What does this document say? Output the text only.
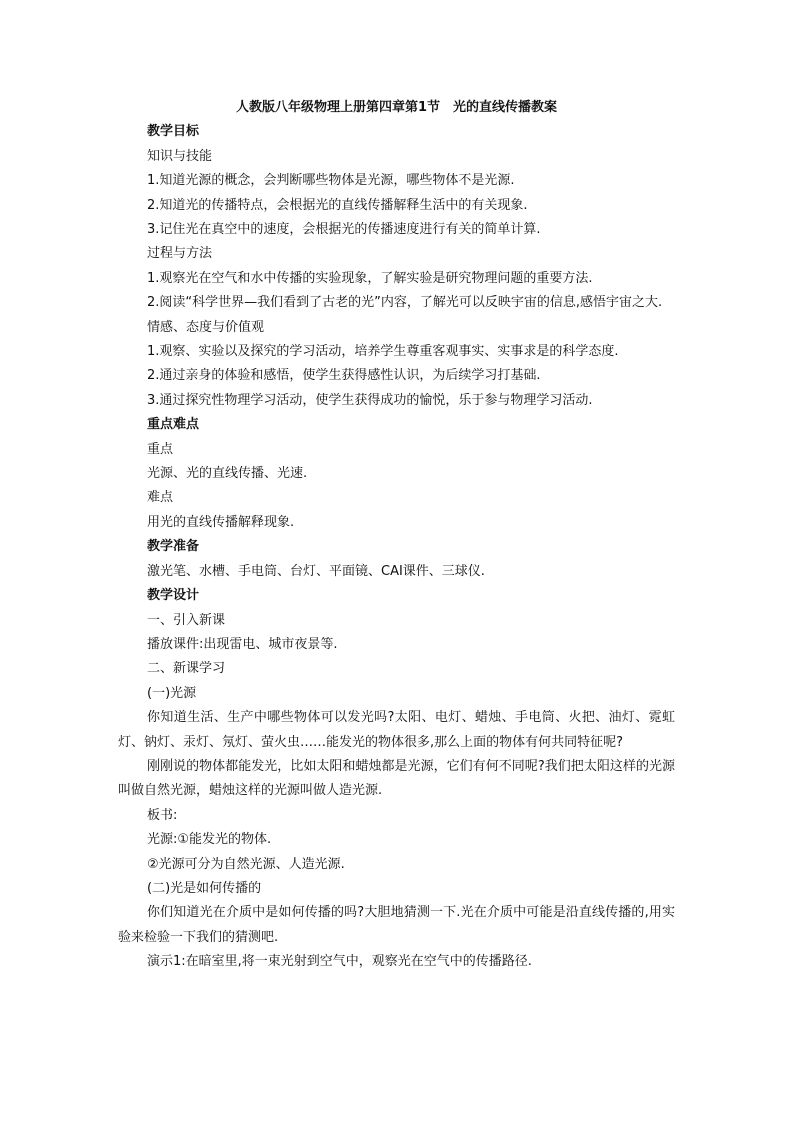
人教版八年级物理上册第四章第1节　光的直线传播教案

教学目标

知识与技能

1.知道光源的概念，会判断哪些物体是光源，哪些物体不是光源.

2.知道光的传播特点，会根据光的直线传播解释生活中的有关现象.

3.记住光在真空中的速度，会根据光的传播速度进行有关的简单计算.

过程与方法

1.观察光在空气和水中传播的实验现象，了解实验是研究物理问题的重要方法.

2.阅读“科学世界—我们看到了古老的光”内容，了解光可以反映宇宙的信息,感悟宇宙之大.

情感、态度与价值观

1.观察、实验以及探究的学习活动，培养学生尊重客观事实、实事求是的科学态度.

2.通过亲身的体验和感悟，使学生获得感性认识，为后续学习打基础.

3.通过探究性物理学习活动，使学生获得成功的愉悦，乐于参与物理学习活动.

重点难点

重点

光源、光的直线传播、光速.

难点

用光的直线传播解释现象.

教学准备

激光笔、水槽、手电筒、台灯、平面镜、CAI课件、三球仪.

教学设计

一、引入新课

播放课件:出现雷电、城市夜景等.

二、新课学习

(一)光源

你知道生活、生产中哪些物体可以发光吗?太阳、电灯、蜡烛、手电筒、火把、油灯、霓虹灯、钠灯、汞灯、氖灯、萤火虫……能发光的物体很多,那么上面的物体有何共同特征呢?

刚刚说的物体都能发光，比如太阳和蜡烛都是光源，它们有何不同呢?我们把太阳这样的光源叫做自然光源，蜡烛这样的光源叫做人造光源.

板书:

光源:①能发光的物体.

②光源可分为自然光源、人造光源.

(二)光是如何传播的

你们知道光在介质中是如何传播的吗?大胆地猜测一下.光在介质中可能是沿直线传播的,用实验来检验一下我们的猜测吧.

演示1:在暗室里,将一束光射到空气中，观察光在空气中的传播路径.
